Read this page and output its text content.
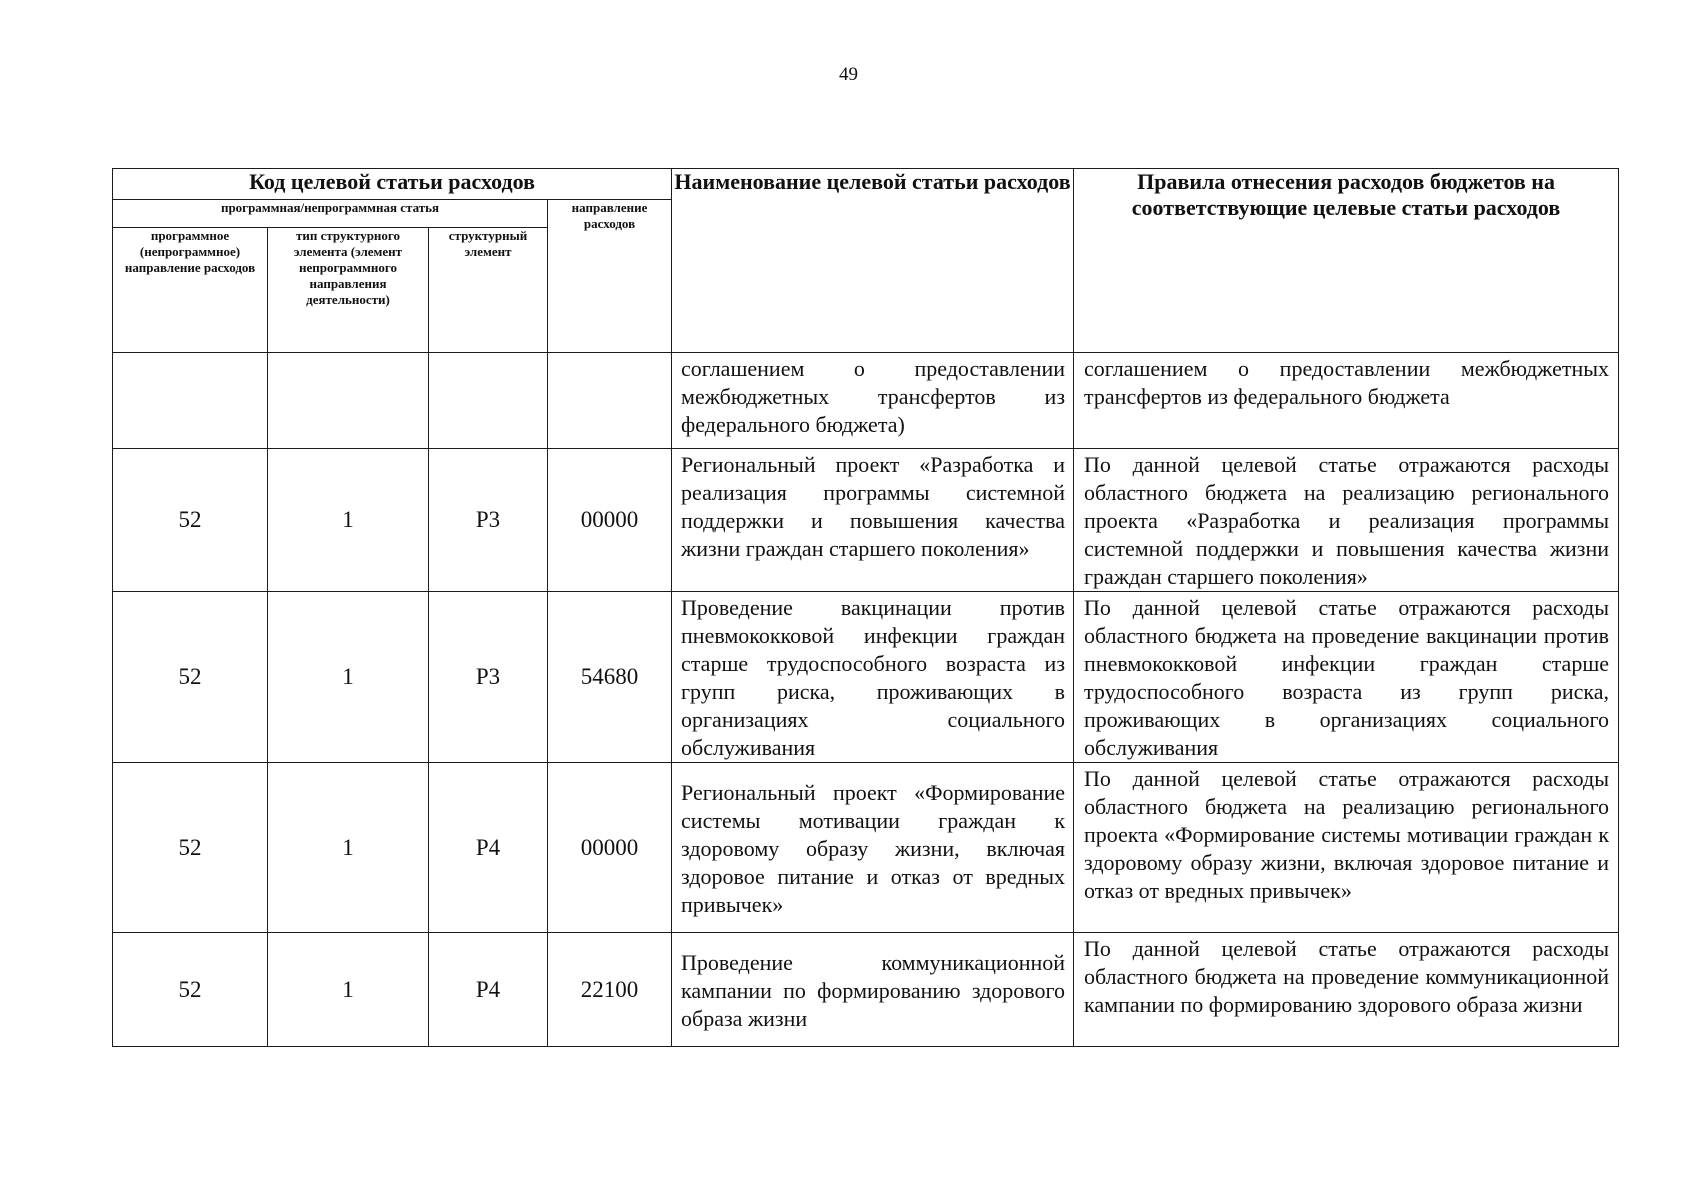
49
Код целевой статьи расходов				Наименование целевой статьи расходов	Правила отнесения расходов бюджетов на соответствующие целевые статьи расходов
программная/непрограммная статья			направление расходов		
программное (непрограммное) направление расходов	тип структурного элемента (элемент непрограммного направления деятельности)	структурный элемент			
				соглашением о предоставлении межбюджетных трансфертов из федерального бюджета)	соглашением о предоставлении межбюджетных трансфертов из федерального бюджета
52	1	P3	00000	Региональный проект «Разработка и реализация программы системной поддержки и повышения качества жизни граждан старшего поколения»	По данной целевой статье отражаются расходы областного бюджета на реализацию регионального проекта «Разработка и реализация программы системной поддержки и повышения качества жизни граждан старшего поколения»
52	1	P3	54680	Проведение вакцинации против пневмококковой инфекции граждан старше трудоспособного возраста из групп риска, проживающих в организациях социального обслуживания	По данной целевой статье отражаются расходы областного бюджета на проведение вакцинации против пневмококковой инфекции граждан старше трудоспособного возраста из групп риска, проживающих в организациях социального обслуживания
52	1	P4	00000	Региональный проект «Формирование системы мотивации граждан к здоровому образу жизни, включая здоровое питание и отказ от вредных привычек»	По данной целевой статье отражаются расходы областного бюджета на реализацию регионального проекта «Формирование системы мотивации граждан к здоровому образу жизни, включая здоровое питание и отказ от вредных привычек»
52	1	P4	22100	Проведение коммуникационной кампании по формированию здорового образа жизни	По данной целевой статье отражаются расходы областного бюджета на проведение коммуникационной кампании по формированию здорового образа жизни
